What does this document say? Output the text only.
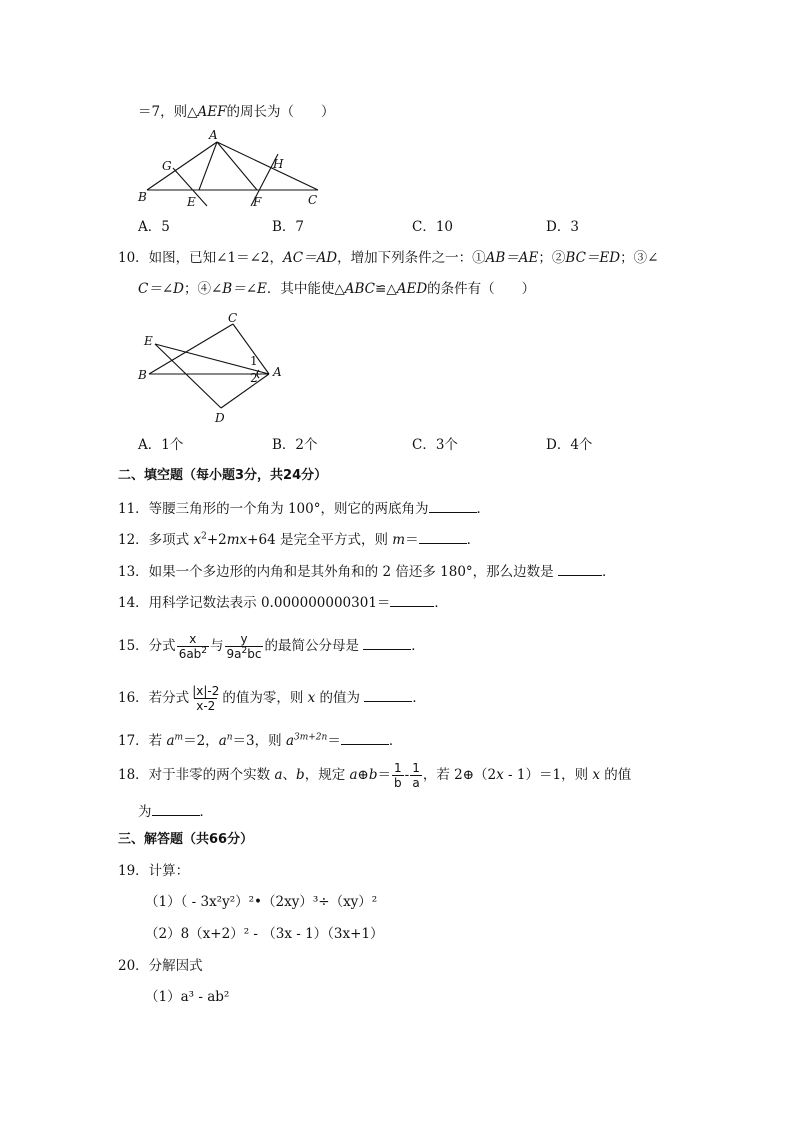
＝7，则△AEF的周长为（　　）
A
G	H
B	E	F	C
A．5	B．7	C．10	D．3
10．如图，已知∠1＝∠2，AC＝AD，增加下列条件之一：①AB＝AE；②BC＝ED；③∠
C＝∠D；④∠B＝∠E．其中能使△ABC≌△AED的条件有（　　）
C
E
B
D
A
1
2
A．1个	B．2个	C．3个	D．4个
二、填空题（每小题3分，共24分）
11．等腰三角形的一个角为 100°，则它的两底角为	．
12．多项式 $x^2+2mx+64$ 是完全平方式，则 m＝	．
13．如果一个多边形的内角和是其外角和的 2 倍还多 180°，那么边数是	．
14．用科学记数法表示 0.000000000301＝	．
15．分式 $\frac{x}{6ab^2}$ 与 $\frac{y}{9a^2bc}$ 的最简公分母是	．
16．若分式 $\frac{|x|-2}{x-2}$ 的值为零，则 x 的值为	．
17．若 $a^m=2$，$a^n=3$，则 $a^{3m+2n}=$	．
18．对于非零的两个实数 a、b，规定 a⊕b＝ $\frac{1}{b} - \frac{1}{a}$ ，若 2⊕（2x - 1）＝1，则 x 的值
为	．
三、解答题（共66分）
19．计算：
（1）（ - 3x²y²）²•（2xy）³÷（xy）²
（2）8（x+2）² - （3x - 1）（3x+1）
20．分解因式
（1）a³ - ab²
